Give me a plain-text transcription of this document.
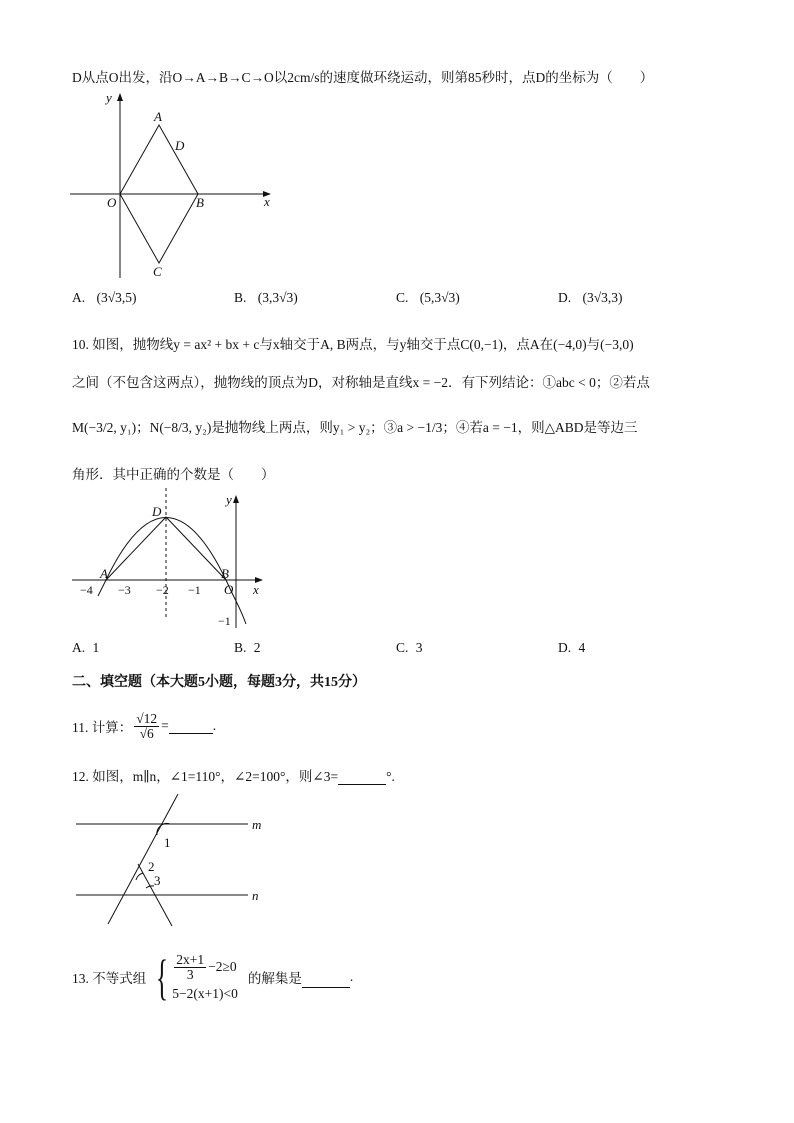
D从点O出发，沿O→A→B→C→O以2cm/s的速度做环绕运动，则第85秒时，点D的坐标为（　　）
y
x
A
D
O	B
C
A. (3√3,5)	B. (3,3√3)	C. (5,3√3)	D. (3√3,3)
10. 如图，抛物线y = ax² + bx + c与x轴交于A, B两点，与y轴交于点C(0,−1)，点A在(−4,0)与(−3,0)
之间（不包含这两点），抛物线的顶点为D，对称轴是直线x = −2．有下列结论：①abc < 0；②若点
M(−3/2, y₁)；N(−8/3, y₂)是抛物线上两点，则y₁ > y₂；③a > −1/3；④若a = −1，则△ABD是等边三
角形．其中正确的个数是（　　）
y
D
A	B
O x
−4 −3 −2 −1
−1
A. 1	B. 2	C. 3	D. 4
二、填空题（本大题5小题，每题3分，共15分）
11. 计算： $\frac{√12}{√6}$ =	.
12. 如图，m∥n，∠1=110°，∠2=100°，则∠3=	°.
m
n
1
2
3
13. 不等式组 { $\frac{2x+1}{3} -2\ge 0$
5−2(x+1)<0
的解集是	.
